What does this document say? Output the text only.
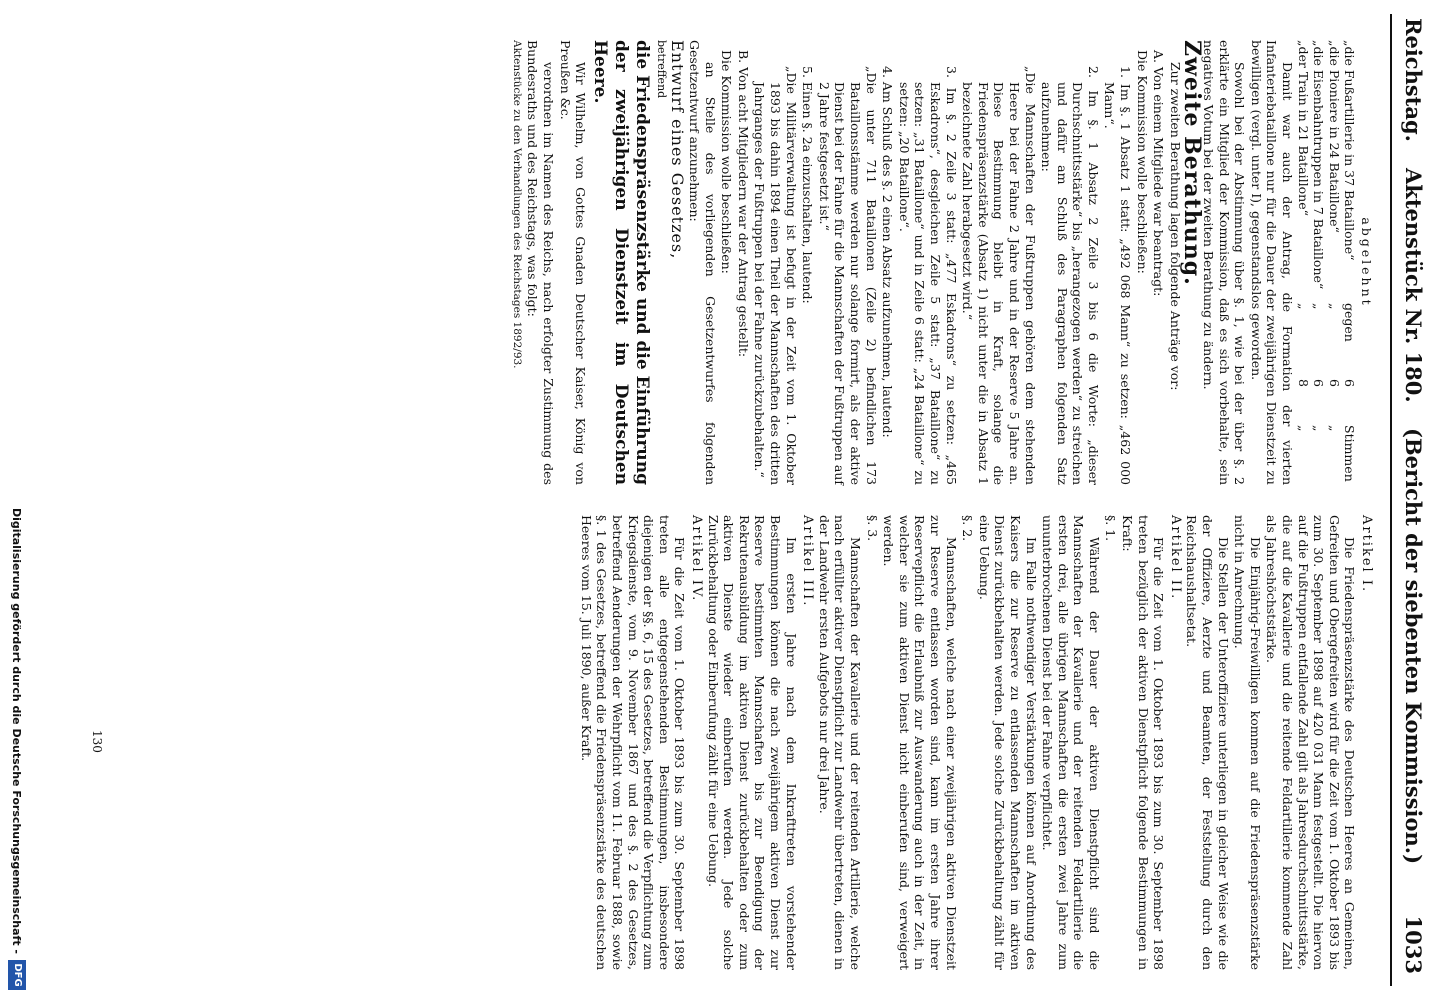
Reichstag.
Aktenstück Nr. 180.
(Bericht der siebenten Kommission.)
1033

abgelehnt

„die Fußartillerie in 37 Bataillone“
gegen
6
Stimmen
„die Pioniere in 24 Bataillone“
„
6
„
„die Eisenbahntruppen in 7 Bataillone“
„
6
„
„der Train in 21 Bataillone“
„
8
„

Damit war auch der Antrag, die Formation der vierten Infanteriebataillone nur für die Dauer der zweijährigen Dienstzeit zu bewilligen (vergl. unter I), gegenstandslos geworden.

Sowohl bei der Abstimmung über §. 1, wie bei der über §. 2 erklärte ein Mitglied der Kommission, daß es sich vorbehalte, sein negatives Votum bei der zweiten Berathung zu ändern.

Zweite Berathung.

Zur zweiten Berathung lagen folgende Anträge vor:

A. Von einem Mitgliede war beantragt:

Die Kommission wolle beschließen:

1. Im §. 1 Absatz 1 statt: „492 068 Mann“ zu setzen: „462 000 Mann“.

2. Im §. 1 Absatz 2 Zeile 3 bis 6 die Worte: „dieser Durchschnittsstärke“ bis „herangezogen werden“ zu streichen und dafür am Schluß des Paragraphen folgenden Satz aufzunehmen:

„Die Mannschaften der Fußtruppen gehören dem stehenden Heere bei der Fahne 2 Jahre und in der Reserve 5 Jahre an. Diese Bestimmung bleibt in Kraft, solange die Friedenspräsenzstärke (Absatz 1) nicht unter die in Absatz 1 bezeichnete Zahl herabgesetzt wird.“

3. Im §. 2 Zeile 3 statt: „477 Eskadrons“ zu setzen: „465 Eskadrons“, desgleichen Zeile 5 statt: „37 Bataillone“ zu setzen: „31 Bataillone“ und in Zeile 6 statt: „24 Bataillone“ zu setzen: „20 Bataillone“.

4. Am Schluß des §. 2 einen Absatz aufzunehmen, lautend:

„Die unter 711 Bataillonen (Zeile 2) befindlichen 173 Bataillonsstämme werden nur solange formirt, als der aktive Dienst bei der Fahne für die Mannschaften der Fußtruppen auf 2 Jahre festgesetzt ist.“

5. Einen §. 2a einzuschalten, lautend:

„Die Militärverwaltung ist befugt in der Zeit vom 1. Oktober 1893 bis dahin 1894 einen Theil der Mannschaften des dritten Jahrganges der Fußtruppen bei der Fahne zurückzubehalten.“

B. Von acht Mitgliedern war der Antrag gestellt:

Die Kommission wolle beschließen:

an Stelle des vorliegenden Gesetzentwurfes folgenden Gesetzentwurf anzunehmen:

Entwurf eines Gesetzes,

betreffend

die Friedenspräsenzstärke und die Einführung der zweijährigen Dienstzeit im Deutschen Heere.

Wir Wilhelm, von Gottes Gnaden Deutscher Kaiser, König von Preußen &c.

verordnen im Namen des Reichs, nach erfolgter Zustimmung des Bundesraths und des Reichstags, was folgt:

Aktenstücke zu den Verhandlungen des Reichstages 1892/93.

Artikel I.

Die Friedenspräsenzstärke des Deutschen Heeres an Gemeinen, Gefreiten und Obergefreiten wird für die Zeit vom 1. Oktober 1893 bis zum 30. September 1898 auf 420 031 Mann festgestellt. Die hiervon auf die Fußtruppen entfallende Zahl gilt als Jahresdurchschnittsstärke, die auf die Kavallerie und die reitende Feldartillerie kommende Zahl als Jahreshöchststärke.

Die Einjährig-Freiwilligen kommen auf die Friedenspräsenzstärke nicht in Anrechnung.

Die Stellen der Unteroffiziere unterliegen in gleicher Weise wie die der Offiziere, Aerzte und Beamten, der Feststellung durch den Reichshaushaltsetat.

Artikel II.

Für die Zeit vom 1. Oktober 1893 bis zum 30. September 1898 treten bezüglich der aktiven Dienstpflicht folgende Bestimmungen in Kraft:

§. 1.

Während der Dauer der aktiven Dienstpflicht sind die Mannschaften der Kavallerie und der reitenden Feldartillerie die ersten drei, alle übrigen Mannschaften die ersten zwei Jahre zum ununterbrochenen Dienst bei der Fahne verpflichtet.

Im Falle nothwendiger Verstärkungen können auf Anordnung des Kaisers die zur Reserve zu entlassenden Mannschaften im aktiven Dienst zurückbehalten werden. Jede solche Zurückbehaltung zählt für eine Uebung.

§. 2.

Mannschaften, welche nach einer zweijährigen aktiven Dienstzeit zur Reserve entlassen worden sind, kann im ersten Jahre ihrer Reservepflicht die Erlaubniß zur Auswanderung auch in der Zeit, in welcher sie zum aktiven Dienst nicht einberufen sind, verweigert werden.

§. 3.

Mannschaften der Kavallerie und der reitenden Artillerie, welche nach erfüllter aktiver Dienstpflicht zur Landwehr übertreten, dienen in der Landwehr ersten Aufgebots nur drei Jahre.

Artikel III.

Im ersten Jahre nach dem Inkrafttreten vorstehender Bestimmungen können die nach zweijährigem aktiven Dienst zur Reserve bestimmten Mannschaften bis zur Beendigung der Rekrutenausbildung im aktiven Dienst zurückbehalten oder zum aktiven Dienste wieder einberufen werden. Jede solche Zurückbehaltung oder Einberufung zählt für eine Uebung.

Artikel IV.

Für die Zeit vom 1. Oktober 1893 bis zum 30. September 1898 treten alle entgegenstehenden Bestimmungen, insbesondere diejenigen der §§. 6, 15 des Gesetzes, betreffend die Verpflichtung zum Kriegsdienste, vom 9. November 1867 und des §. 2 des Gesetzes, betreffend Aenderungen der Wehrpflicht vom 11. Februar 1888, sowie §. 1 des Gesetzes, betreffend die Friedenspräsenzstärke des deutschen Heeres vom 15. Juli 1890, außer Kraft.

130
Digitalisierung gefördert durch die Deutsche Forschungsgemeinschaft -
DFG
